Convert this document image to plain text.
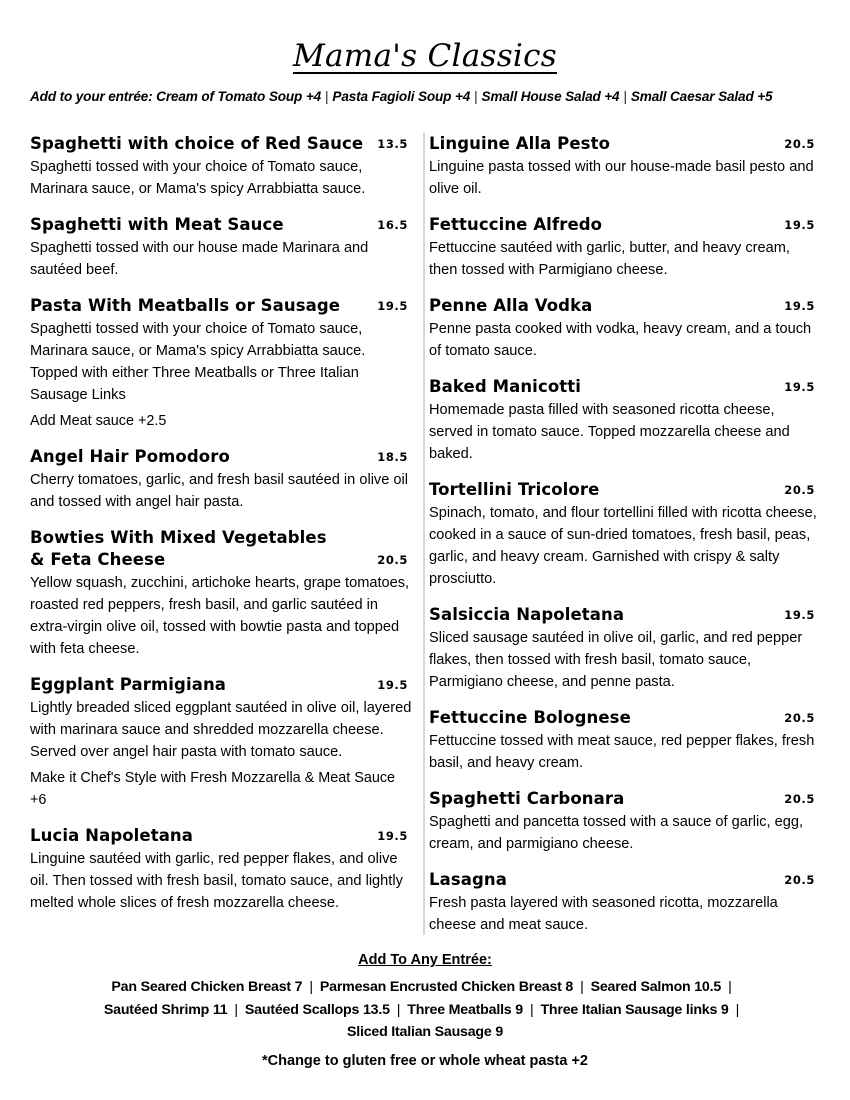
Mama's Classics
Add to your entrée: Cream of Tomato Soup +4 | Pasta Fagioli Soup +4 | Small House Salad +4 | Small Caesar Salad +5
Spaghetti with choice of Red Sauce 13.5
Spaghetti tossed with your choice of Tomato sauce, Marinara sauce, or Mama's spicy Arrabbiatta sauce.
Spaghetti with Meat Sauce	16.5
Spaghetti tossed with our house made Marinara and sautéed beef.
Pasta With Meatballs or Sausage	19.5
Spaghetti tossed with your choice of Tomato sauce, Marinara sauce, or Mama's spicy Arrabbiatta sauce. Topped with either Three Meatballs or Three Italian Sausage Links
Add Meat sauce +2.5
Angel Hair Pomodoro	18.5
Cherry tomatoes, garlic, and fresh basil sautéed in olive oil and tossed with angel hair pasta.
Bowties With Mixed Vegetables
& Feta Cheese	20.5
Yellow squash, zucchini, artichoke hearts, grape tomatoes, roasted red peppers, fresh basil, and garlic sautéed in extra-virgin olive oil, tossed with bowtie pasta and topped with feta cheese.
Eggplant Parmigiana	19.5
Lightly breaded sliced eggplant sautéed in olive oil, layered with marinara sauce and shredded mozzarella cheese. Served over angel hair pasta with tomato sauce.
Make it Chef's Style with Fresh Mozzarella & Meat Sauce +6
Lucia Napoletana	19.5
Linguine sautéed with garlic, red pepper flakes, and olive oil. Then tossed with fresh basil, tomato sauce, and lightly melted whole slices of fresh mozzarella cheese.
Linguine Alla Pesto	20.5
Linguine pasta tossed with our house-made basil pesto and olive oil.
Fettuccine Alfredo	19.5
Fettuccine sautéed with garlic, butter, and heavy cream, then tossed with Parmigiano cheese.
Penne Alla Vodka	19.5
Penne pasta cooked with vodka, heavy cream, and a touch of tomato sauce.
Baked Manicotti	19.5
Homemade pasta filled with seasoned ricotta cheese, served in tomato sauce. Topped mozzarella cheese and baked.
Tortellini Tricolore	20.5
Spinach, tomato, and flour tortellini filled with ricotta cheese, cooked in a sauce of sun-dried tomatoes, fresh basil, peas, garlic, and heavy cream. Garnished with crispy & salty prosciutto.
Salsiccia Napoletana	19.5
Sliced sausage sautéed in olive oil, garlic, and red pepper flakes, then tossed with fresh basil, tomato sauce, Parmigiano cheese, and penne pasta.
Fettuccine Bolognese	20.5
Fettuccine tossed with meat sauce, red pepper flakes, fresh basil, and heavy cream.
Spaghetti Carbonara	20.5
Spaghetti and pancetta tossed with a sauce of garlic, egg, cream, and parmigiano cheese.
Lasagna	20.5
Fresh pasta layered with seasoned ricotta, mozzarella cheese and meat sauce.
Add To Any Entrée:
Pan Seared Chicken Breast 7 | Parmesan Encrusted Chicken Breast 8 | Seared Salmon 10.5 |
Sautéed Shrimp 11 | Sautéed Scallops 13.5 | Three Meatballs 9 | Three Italian Sausage links 9 |
Sliced Italian Sausage 9
*Change to gluten free or whole wheat pasta +2
